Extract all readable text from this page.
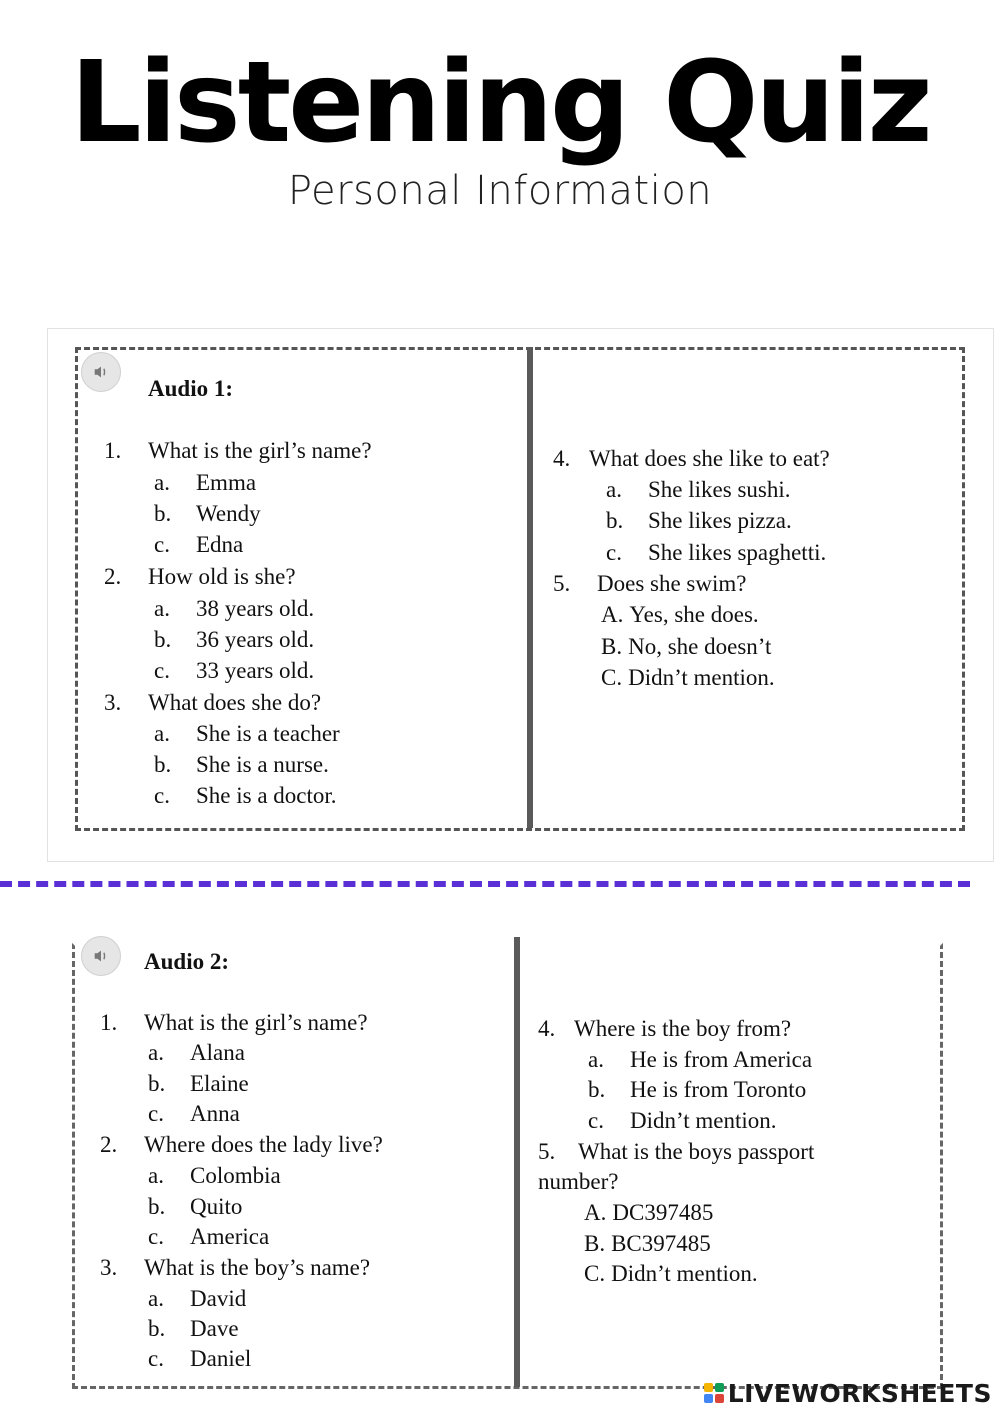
Listening Quiz
Personal Information
Audio 1:
1. What is the girl’s name?
a. Emma
b. Wendy
c. Edna
2. How old is she?
a. 38 years old.
b. 36 years old.
c. 33 years old.
3. What does she do?
a. She is a teacher
b. She is a nurse.
c. She is a doctor.
4. What does she like to eat?
a. She likes sushi.
b. She likes pizza.
c. She likes spaghetti.
5. Does she swim?
A. Yes, she does.
B. No, she doesn’t
C. Didn’t mention.
Audio 2:
1. What is the girl’s name?
a. Alana
b. Elaine
c. Anna
2. Where does the lady live?
a. Colombia
b. Quito
c. America
3. What is the boy’s name?
a. David
b. Dave
c. Daniel
4. Where is the boy from?
a. He is from America
b. He is from Toronto
c. Didn’t mention.
5. What is the boys passport
number?
A. DC397485
B. BC397485
C. Didn’t mention.
LIVEWORKSHEETS
